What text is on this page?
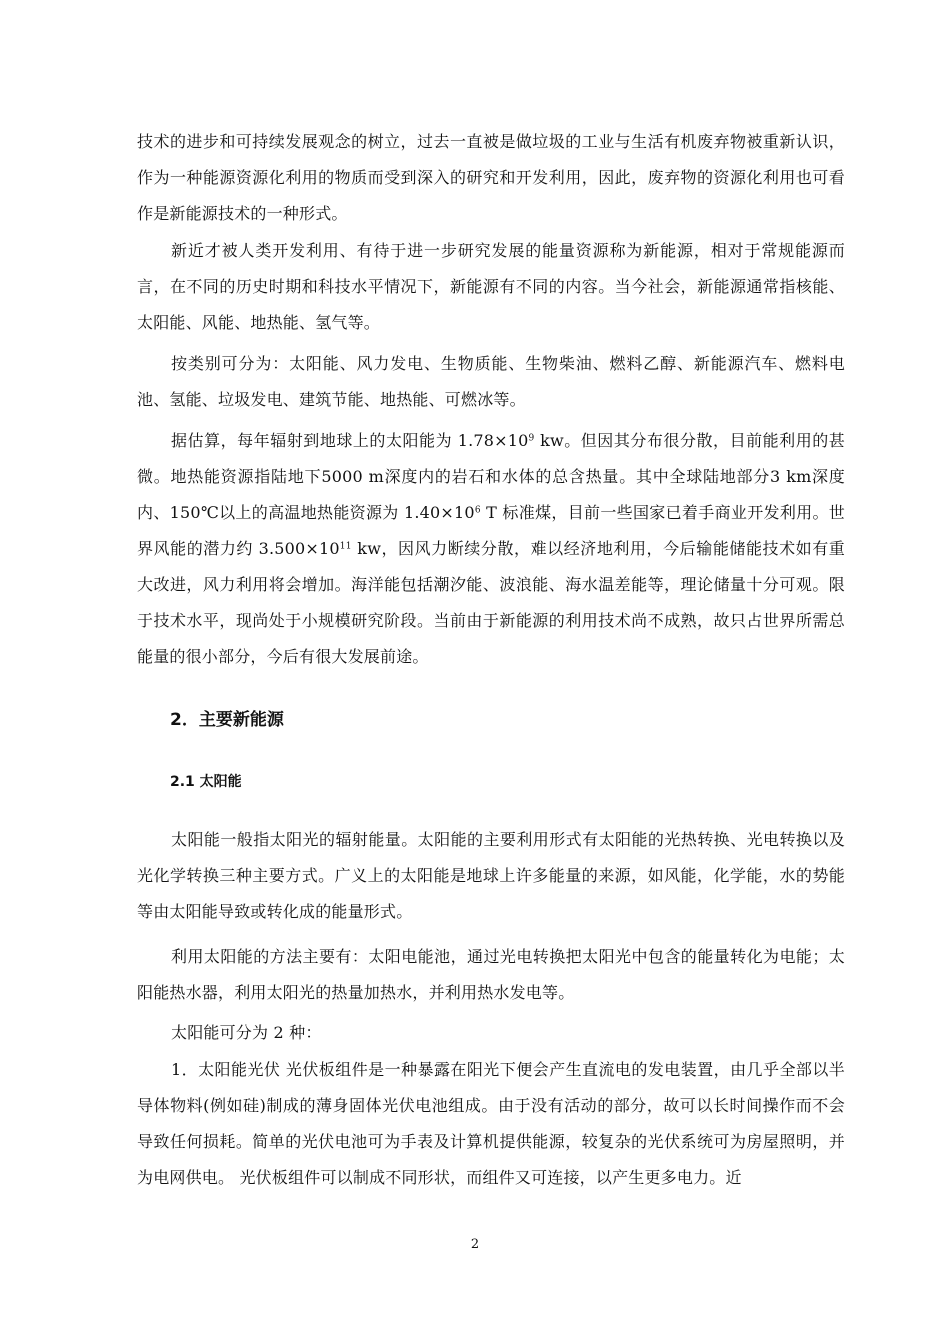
技术的进步和可持续发展观念的树立，过去一直被是做垃圾的工业与生活有机废弃物被重新认识，作为一种能源资源化利用的物质而受到深入的研究和开发利用，因此，废弃物的资源化利用也可看作是新能源技术的一种形式。

新近才被人类开发利用、有待于进一步研究发展的能量资源称为新能源，相对于常规能源而言，在不同的历史时期和科技水平情况下，新能源有不同的内容。当今社会，新能源通常指核能、太阳能、风能、地热能、氢气等。

按类别可分为：太阳能、风力发电、生物质能、生物柴油、燃料乙醇、新能源汽车、燃料电池、氢能、垃圾发电、建筑节能、地热能、可燃冰等。

据估算，每年辐射到地球上的太阳能为 $1.78\times 10^9$ kw。但因其分布很分散，目前能利用的甚微。地热能资源指陆地下5000 m深度内的岩石和水体的总含热量。其中全球陆地部分3 km深度内、150℃以上的高温地热能资源为 $1.40\times 10^6$ T 标准煤，目前一些国家已着手商业开发利用。世界风能的潜力约 $3.500\times 10^{11}$ kw，因风力断续分散，难以经济地利用，今后输能储能技术如有重大改进，风力利用将会增加。海洋能包括潮汐能、波浪能、海水温差能等，理论储量十分可观。限于技术水平，现尚处于小规模研究阶段。当前由于新能源的利用技术尚不成熟，故只占世界所需总能量的很小部分，今后有很大发展前途。

2．主要新能源
2.1 太阳能

太阳能一般指太阳光的辐射能量。太阳能的主要利用形式有太阳能的光热转换、光电转换以及光化学转换三种主要方式。广义上的太阳能是地球上许多能量的来源，如风能，化学能，水的势能等由太阳能导致或转化成的能量形式。

利用太阳能的方法主要有：太阳电能池，通过光电转换把太阳光中包含的能量转化为电能；太阳能热水器，利用太阳光的热量加热水，并利用热水发电等。

太阳能可分为 2 种：

1．太阳能光伏 光伏板组件是一种暴露在阳光下便会产生直流电的发电装置，由几乎全部以半导体物料(例如硅)制成的薄身固体光伏电池组成。由于没有活动的部分，故可以长时间操作而不会导致任何损耗。简单的光伏电池可为手表及计算机提供能源，较复杂的光伏系统可为房屋照明，并为电网供电。 光伏板组件可以制成不同形状，而组件又可连接，以产生更多电力。近

2
